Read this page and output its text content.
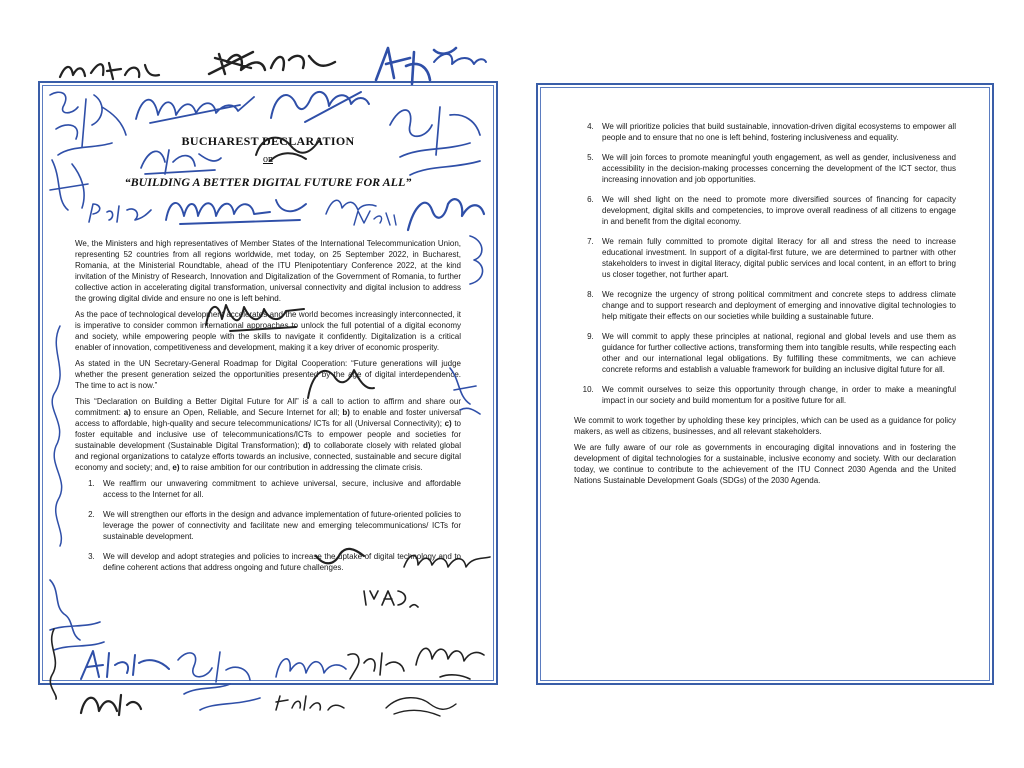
BUCHAREST DECLARATION
on
“BUILDING A BETTER DIGITAL FUTURE FOR ALL”

We, the Ministers and high representatives of Member States of the International Telecommunication Union, representing 52 countries from all regions worldwide, met today, on 25 September 2022, in Bucharest, Romania, at the Ministerial Roundtable, ahead of the ITU Plenipotentiary Conference 2022, at the kind invitation of the Ministry of Research, Innovation and Digitalization of the Government of Romania, to further collective action in accelerating digital transformation, universal connectivity and digital inclusion to address the growing digital divide and ensure no one is left behind.

As the pace of technological development accelerates and the world becomes increasingly interconnected, it is imperative to consider common international approaches to unlock the full potential of a digital economy and society, while empowering people with the skills to navigate it confidently. Digitalization is a critical enabler of innovation, competitiveness and development, making it a key driver of economic prosperity.

As stated in the UN Secretary-General Roadmap for Digital Cooperation: “Future generations will judge whether the present generation seized the opportunities presented by the age of digital interdependence. The time to act is now.”

This “Declaration on Building a Better Digital Future for All” is a call to action to affirm and share our commitment: a) to ensure an Open, Reliable, and Secure Internet for all; b) to enable and foster universal access to affordable, high-quality and secure telecommunications/ ICTs for all (Universal Connectivity); c) to foster equitable and inclusive use of telecommunications/ICTs to empower people and societies for sustainable development (Sustainable Digital Transformation); d) to collaborate closely with related global and regional organizations to catalyze efforts towards an inclusive, connected, sustainable and secure digital economy and society; and, e) to raise ambition for our contribution in addressing the climate crisis.

1. We reaffirm our unwavering commitment to achieve universal, secure, inclusive and affordable access to the Internet for all.
2. We will strengthen our efforts in the design and advance implementation of future-oriented policies to leverage the power of connectivity and facilitate new and emerging telecommunications/ ICTs for sustainable development.
3. We will develop and adopt strategies and policies to increase the uptake of digital technology and to define coherent actions that address ongoing and future challenges.
4. We will prioritize policies that build sustainable, innovation-driven digital ecosystems to empower all people and to ensure that no one is left behind, fostering inclusiveness and equality.
5. We will join forces to promote meaningful youth engagement, as well as gender, inclusiveness and accessibility in the decision-making processes concerning the development of the ICT sector, thus increasing innovation and job opportunities.
6. We will shed light on the need to promote more diversified sources of financing for capacity development, digital skills and competencies, to improve overall readiness of all citizens to engage in and benefit from the digital economy.
7. We remain fully committed to promote digital literacy for all and stress the need to increase educational investment. In support of a digital-first future, we are determined to partner with other stakeholders to invest in digital literacy, digital public services and local content, in an effort to bring us closer together, not further apart.
8. We recognize the urgency of strong political commitment and concrete steps to address climate change and to support research and deployment of emerging and innovative digital technologies to help mitigate their effects on our societies while building a sustainable future.
9. We will commit to apply these principles at national, regional and global levels and use them as guidance for further collective actions, transforming them into tangible results, while respecting each other and our international legal obligations. By fulfilling these commitments, we can achieve concrete reforms and establish a valuable framework for building an inclusive digital future for all.
10. We commit ourselves to seize this opportunity through change, in order to make a meaningful impact in our society and build momentum for a positive future for all.

We commit to work together by upholding these key principles, which can be used as a guidance for policy makers, as well as citizens, businesses, and all relevant stakeholders.

We are fully aware of our role as governments in encouraging digital innovations and in fostering the development of digital technologies for a sustainable, inclusive economy and society. With our declaration today, we continue to contribute to the achievement of the ITU Connect 2030 Agenda and the United Nations Sustainable Development Goals (SDGs) of the 2030 Agenda.
